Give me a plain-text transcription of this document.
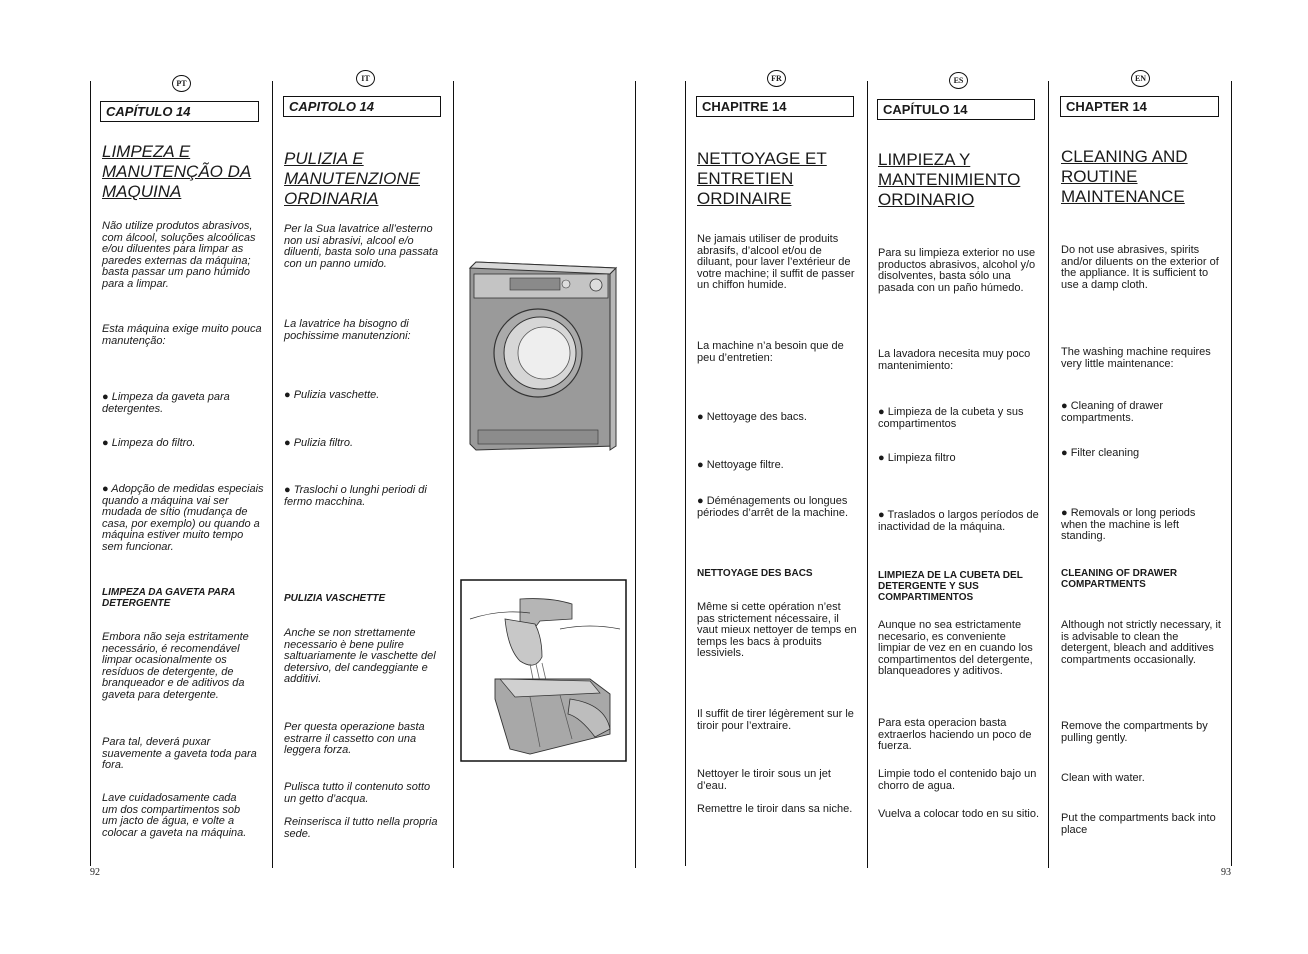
PT
CAPÍTULO 14
LIMPEZA E MANUTENÇÃO DA MAQUINA
Não utilize produtos abrasivos, com álcool, soluções alcoólicas e/ou diluentes para limpar as paredes externas da máquina; basta passar um pano húmido para a limpar.
Esta máquina exige muito pouca manutenção:
● Limpeza da gaveta para detergentes.
● Limpeza do filtro.
● Adopção de medidas especiais quando a máquina vai ser mudada de sítio (mudança de casa, por exemplo) ou quando a máquina estiver muito tempo sem funcionar.
LIMPEZA DA GAVETA PARA DETERGENTE
Embora não seja estritamente necessário, é recomendável limpar ocasionalmente os resíduos de detergente, de branqueador e de aditivos da gaveta para detergente.
Para tal, deverá puxar suavemente a gaveta toda para fora.
Lave cuidadosamente cada um dos compartimentos sob um jacto de água, e volte a colocar a gaveta na máquina.
92
IT
CAPITOLO 14
PULIZIA E MANUTENZIONE ORDINARIA
Per la Sua lavatrice all’esterno non usi abrasivi, alcool e/o diluenti, basta solo una passata con un panno umido.
La lavatrice ha bisogno di pochissime manutenzioni:
● Pulizia vaschette.
● Pulizia filtro.
● Traslochi o lunghi periodi di fermo macchina.
PULIZIA VASCHETTE
Anche se non strettamente necessario è bene pulire saltuariamente le vaschette del detersivo, del candeggiante e additivi.
Per questa operazione basta estrarre il cassetto con una leggera forza.
Pulisca tutto il contenuto sotto un getto d’acqua.
Reinserisca il tutto nella propria sede.
FR
CHAPITRE 14
NETTOYAGE ET ENTRETIEN ORDINAIRE
Ne jamais utiliser de produits abrasifs, d’alcool et/ou de diluant, pour laver l’extérieur de votre machine; il suffit de passer un chiffon humide.
La machine n’a besoin que de peu d’entretien:
● Nettoyage des bacs.
● Nettoyage filtre.
● Déménagements ou longues périodes d’arrêt de la machine.
NETTOYAGE DES BACS
Même si cette opération n’est pas strictement nécessaire, il vaut mieux nettoyer de temps en temps les bacs à produits lessiviels.
Il suffit de tirer légèrement sur le tiroir pour l’extraire.
Nettoyer le tiroir sous un jet d’eau.
Remettre le tiroir dans sa niche.
ES
CAPÍTULO 14
LIMPIEZA Y MANTENIMIENTO ORDINARIO
Para su limpieza exterior no use productos abrasivos, alcohol y/o disolventes, basta sólo una pasada con un paño húmedo.
La lavadora necesita muy poco mantenimiento:
● Limpieza de la cubeta y sus compartimentos
● Limpieza filtro
● Traslados o largos períodos de inactividad de la máquina.
LIMPIEZA DE LA CUBETA DEL DETERGENTE Y SUS COMPARTIMENTOS
Aunque no sea estrictamente necesario, es conveniente limpiar de vez en en cuando los compartimentos del detergente, blanqueadores y aditivos.
Para esta operacion basta extraerlos haciendo un poco de fuerza.
Limpie todo el contenido bajo un chorro de agua.
Vuelva a colocar todo en su sitio.
EN
CHAPTER 14
CLEANING AND ROUTINE MAINTENANCE
Do not use abrasives, spirits and/or diluents on the exterior of the appliance. It is sufficient to use a damp cloth.
The washing machine requires very little maintenance:
● Cleaning of drawer compartments.
● Filter cleaning
● Removals or long periods when the machine is left standing.
CLEANING OF DRAWER COMPARTMENTS
Although not strictly necessary, it is advisable to clean the detergent, bleach and additives compartments occasionally.
Remove the compartments by pulling gently.
Clean with water.
Put the compartments back into place
93
